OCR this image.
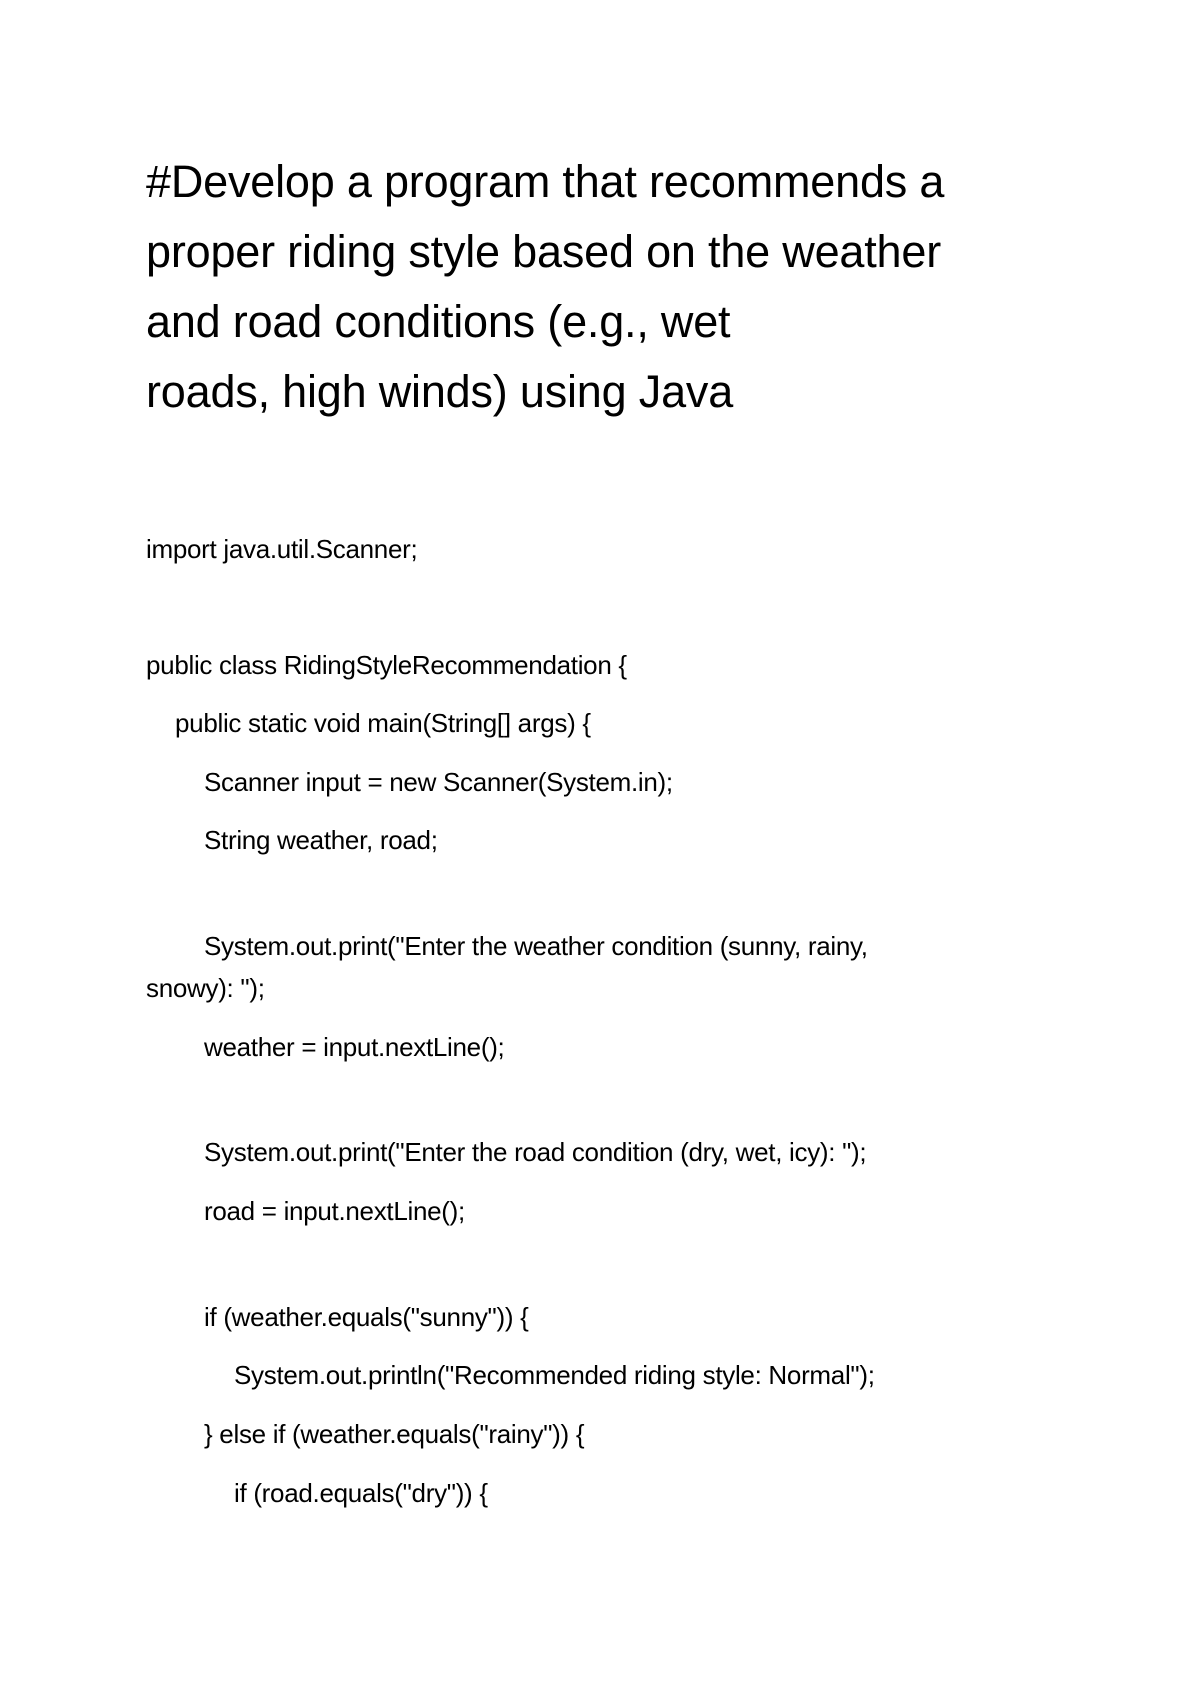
#Develop a program that recommends a
proper riding style based on the weather
and road conditions (e.g., wet
roads, high winds) using Java
import java.util.Scanner;
public class RidingStyleRecommendation {
public static void main(String[] args) {
Scanner input = new Scanner(System.in);
String weather, road;
System.out.print("Enter the weather condition (sunny, rainy,
snowy): ");
weather = input.nextLine();
System.out.print("Enter the road condition (dry, wet, icy): ");
road = input.nextLine();
if (weather.equals("sunny")) {
System.out.println("Recommended riding style: Normal");
} else if (weather.equals("rainy")) {
if (road.equals("dry")) {
